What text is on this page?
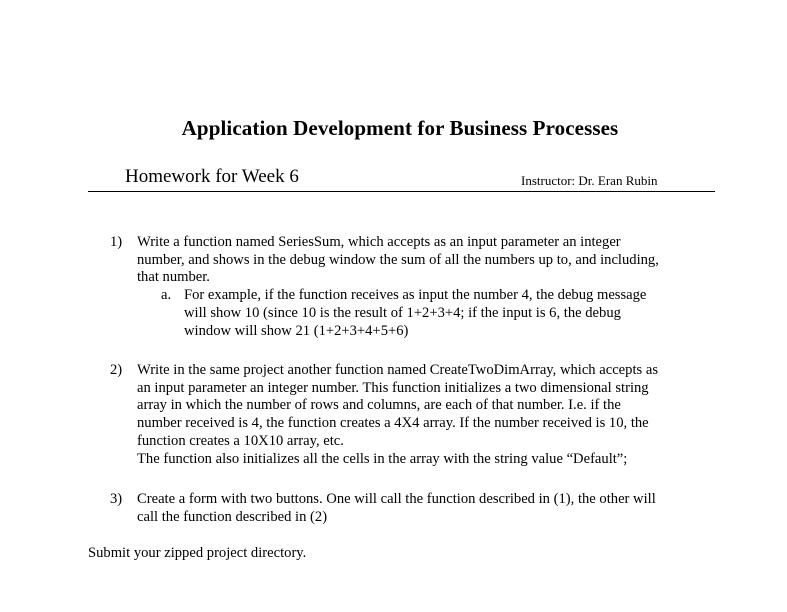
Application Development for Business Processes
Homework for Week 6	Instructor: Dr. Eran Rubin
1) Write a function named SeriesSum, which accepts as an input parameter an integer
number, and shows in the debug window the sum of all the numbers up to, and including,
that number.
a. For example, if the function receives as input the number 4, the debug message
will show 10 (since 10 is the result of 1+2+3+4; if the input is 6, the debug
window will show 21 (1+2+3+4+5+6)
2) Write in the same project another function named CreateTwoDimArray, which accepts as
an input parameter an integer number. This function initializes a two dimensional string
array in which the number of rows and columns, are each of that number. I.e. if the
number received is 4, the function creates a 4X4 array. If the number received is 10, the
function creates a 10X10 array, etc.
The function also initializes all the cells in the array with the string value “Default”;
3) Create a form with two buttons. One will call the function described in (1), the other will
call the function described in (2)
Submit your zipped project directory.
